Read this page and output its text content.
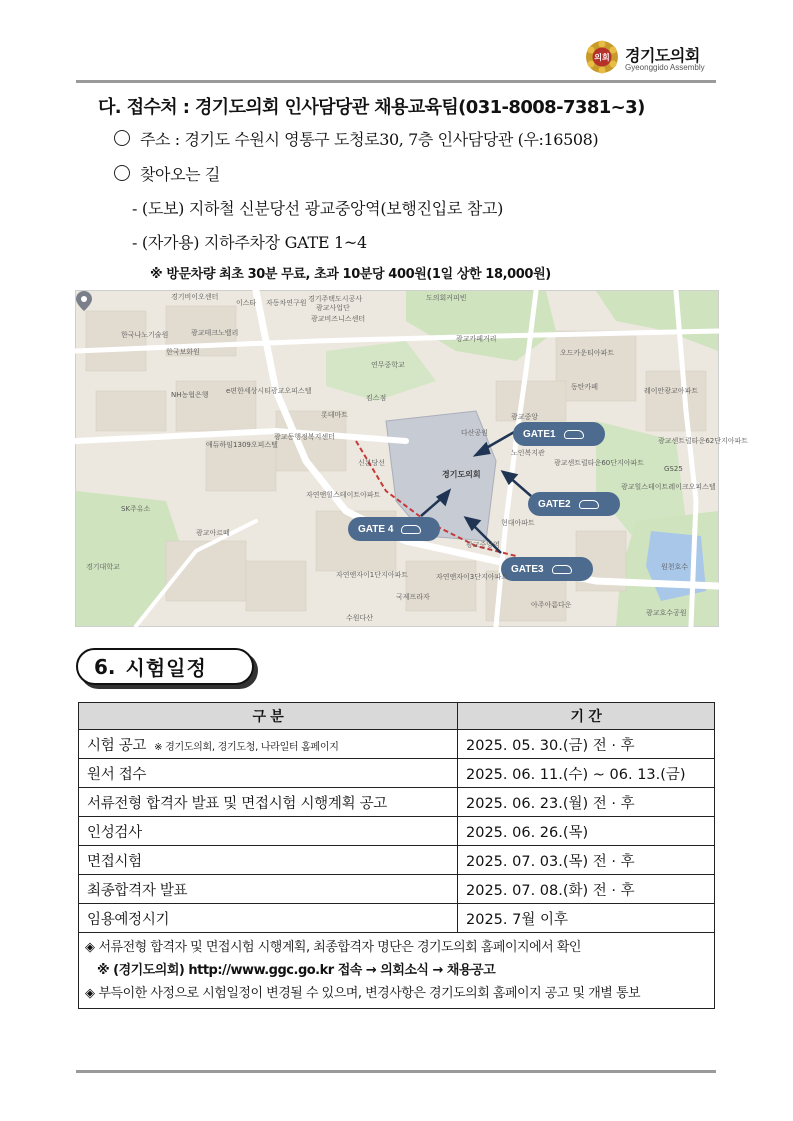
의회 경기도의회
Gyeonggido Assembly
다. 접수처 : 경기도의회 인사담당관 채용교육팀(031-8008-7381~3)
주소 : 경기도 수원시 영통구 도청로30, 7층 인사담당관 (우:16508)
찾아오는 길
- (도보) 지하철 신분당선 광교중앙역(보행진입로 참고)
- (자가용) 지하주차장 GATE 1~4
※ 방문차량 최초 30분 무료, 초과 10분당 400원(1일 상한 18,000원)
경기도의회
GATE1
GATE2
GATE3
GATE 4
경기비이오센터
이스타 자동차연구원 경기주택도시공사
광교사업단
도의회커피빈
광교테크노밸리
한국나노기술원
한국보화원
광교비즈니스센터
연무중학교
광교카페거리
오드카운티아파트
NH농협은행 e편한세상시티광교오피스텔
광교중앙
레이안광교아파트
롯데마트
킴스점
다산공원
노인복지관
광교센트럴타운60단지아파트
광교센트럴타운62단지아파트
GS25
애듀하임1309오피스텔
광교동행정복지센터
자연앤힐스테이트아파트
광교힐스테이트레이크오피스텔
SK주유소
자연앤자이1단지아파트	자연앤자이3단지아파트
국제프라자
경기대학교
광교아르떼
현대아파트
광교호수공원
아주아름다운
원천호수
신분당선
광교중앙역
동탄카페
수원다산
6. 시험일정
구 분	기 간
시험 공고 ※ 경기도의회, 경기도청, 나라일터 홈페이지	2025. 05. 30.(금) 전 · 후
원서 접수	2025. 06. 11.(수) ~ 06. 13.(금)
서류전형 합격자 발표 및 면접시험 시행계획 공고	2025. 06. 23.(월) 전 · 후
인성검사	2025. 06. 26.(목)
면접시험	2025. 07. 03.(목) 전 · 후
최종합격자 발표	2025. 07. 08.(화) 전 · 후
임용예정시기	2025. 7월 이후

◈ 서류전형 합격자 및 면접시험 시행계획, 최종합격자 명단은 경기도의회 홈페이지에서 확인
※ (경기도의회) http://www.ggc.go.kr 접속 → 의회소식 → 채용공고
◈ 부득이한 사정으로 시험일정이 변경될 수 있으며, 변경사항은 경기도의회 홈페이지 공고 및 개별 통보	
